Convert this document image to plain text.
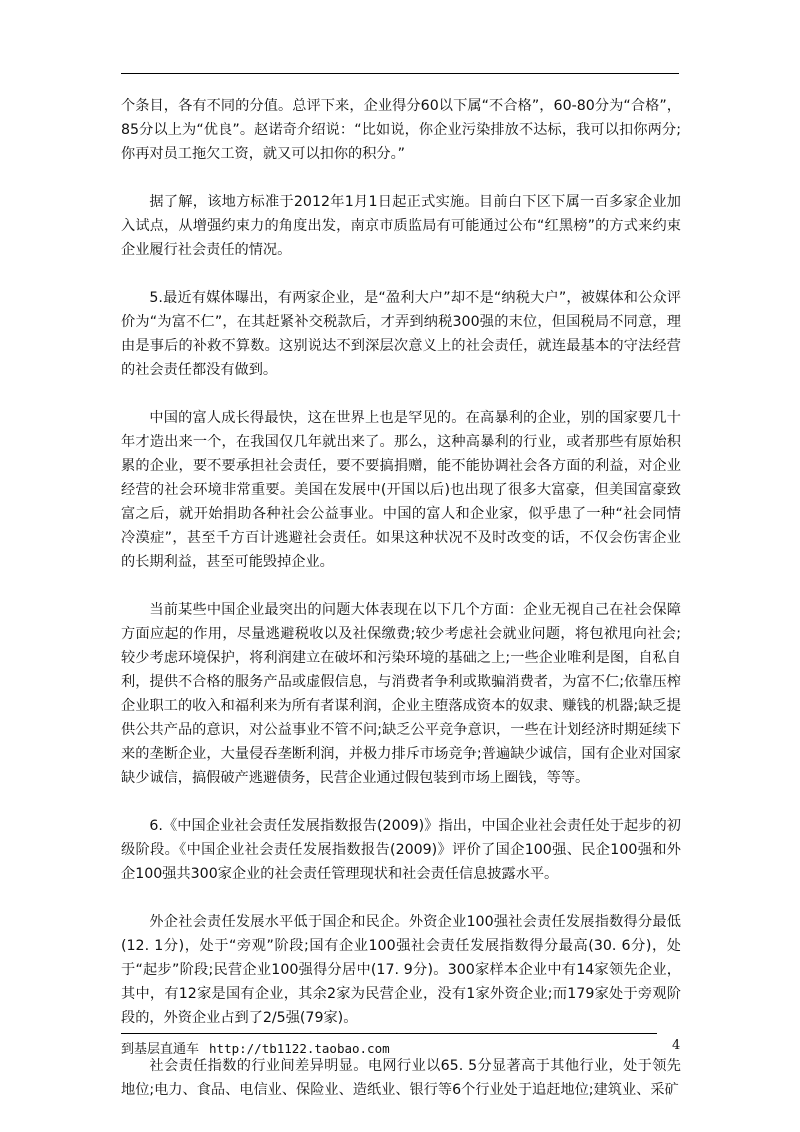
个条目，各有不同的分值。总评下来，企业得分60以下属“不合格”，60-80分为“合格”，85分以上为“优良”。赵诺奇介绍说：“比如说，你企业污染排放不达标，我可以扣你两分;你再对员工拖欠工资，就又可以扣你的积分。”

据了解，该地方标准于2012年1月1日起正式实施。目前白下区下属一百多家企业加入试点，从增强约束力的角度出发，南京市质监局有可能通过公布“红黑榜”的方式来约束企业履行社会责任的情况。

5.最近有媒体曝出，有两家企业，是“盈利大户”却不是“纳税大户”，被媒体和公众评价为“为富不仁”，在其赶紧补交税款后，才弄到纳税300强的末位，但国税局不同意，理由是事后的补救不算数。这别说达不到深层次意义上的社会责任，就连最基本的守法经营的社会责任都没有做到。

中国的富人成长得最快，这在世界上也是罕见的。在高暴利的企业，别的国家要几十年才造出来一个，在我国仅几年就出来了。那么，这种高暴利的行业，或者那些有原始积累的企业，要不要承担社会责任，要不要搞捐赠，能不能协调社会各方面的利益，对企业经营的社会环境非常重要。美国在发展中(开国以后)也出现了很多大富豪，但美国富豪致富之后，就开始捐助各种社会公益事业。中国的富人和企业家，似乎患了一种“社会同情冷漠症”，甚至千方百计逃避社会责任。如果这种状况不及时改变的话，不仅会伤害企业的长期利益，甚至可能毁掉企业。

当前某些中国企业最突出的问题大体表现在以下几个方面：企业无视自己在社会保障方面应起的作用，尽量逃避税收以及社保缴费;较少考虑社会就业问题，将包袱甩向社会;较少考虑环境保护，将利润建立在破坏和污染环境的基础之上;一些企业唯利是图，自私自利，提供不合格的服务产品或虚假信息，与消费者争利或欺骗消费者，为富不仁;依靠压榨企业职工的收入和福利来为所有者谋利润，企业主堕落成资本的奴隶、赚钱的机器;缺乏提供公共产品的意识，对公益事业不管不问;缺乏公平竞争意识，一些在计划经济时期延续下来的垄断企业，大量侵吞垄断利润，并极力排斥市场竞争;普遍缺少诚信，国有企业对国家缺少诚信，搞假破产逃避债务，民营企业通过假包装到市场上圈钱，等等。

6.《中国企业社会责任发展指数报告(2009)》指出，中国企业社会责任处于起步的初级阶段。《中国企业社会责任发展指数报告(2009)》评价了国企100强、民企100强和外企100强共300家企业的社会责任管理现状和社会责任信息披露水平。

外企社会责任发展水平低于国企和民企。外资企业100强社会责任发展指数得分最低(12. 1分)，处于“旁观”阶段;国有企业100强社会责任发展指数得分最高(30. 6分)，处于“起步”阶段;民营企业100强得分居中(17. 9分)。300家样本企业中有14家领先企业，其中，有12家是国有企业，其余2家为民营企业，没有1家外资企业;而179家处于旁观阶段的，外资企业占到了2/5强(79家)。

社会责任指数的行业间差异明显。电网行业以65. 5分显著高于其他行业，处于领先地位;电力、食品、电信业、保险业、造纸业、银行等6个行业处于追赶地位;建筑业、采矿

到基层直通车 http://tb1122.taobao.com	4
